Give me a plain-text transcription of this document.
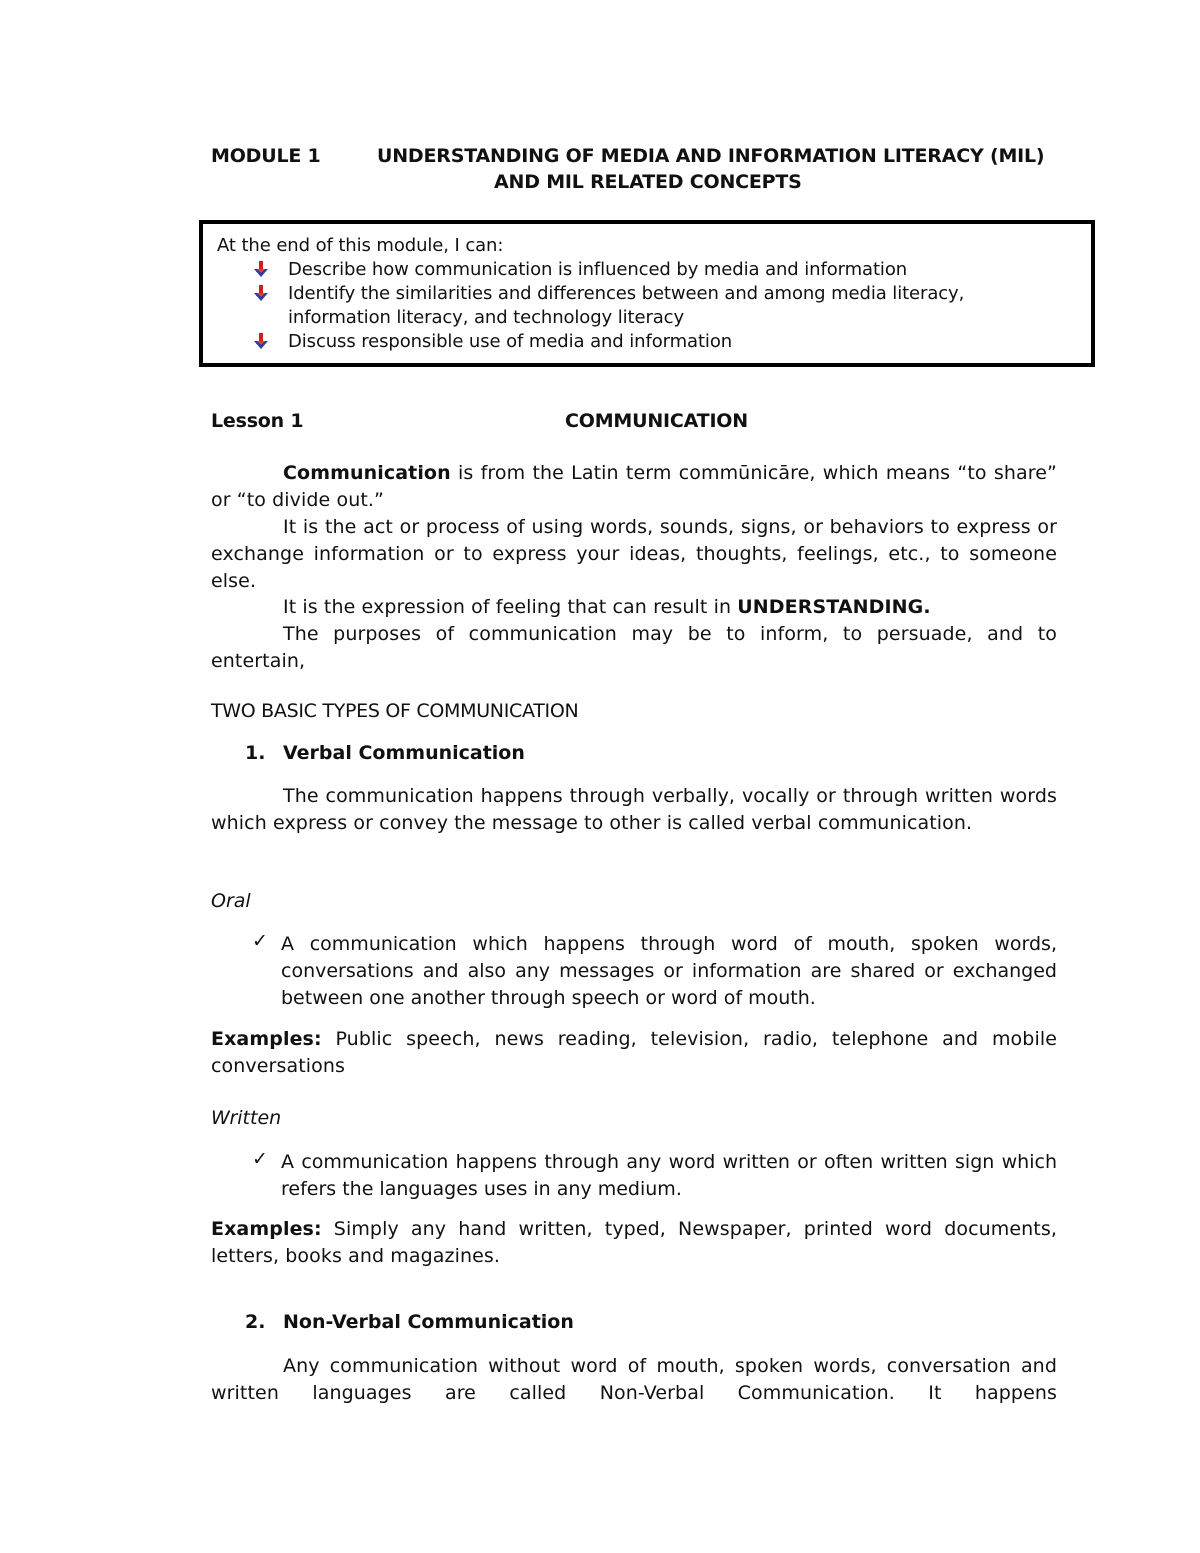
MODULE 1	UNDERSTANDING OF MEDIA AND INFORMATION LITERACY (MIL)
AND MIL RELATED CONCEPTS
At the end of this module, I can:
Describe how communication is influenced by media and information
Identify the similarities and differences between and among media literacy,
information literacy, and technology literacy
Discuss responsible use of media and information
Lesson 1	COMMUNICATION
Communication is from the Latin term commūnicāre, which means “to share” or “to divide out.”
It is the act or process of using words, sounds, signs, or behaviors to express or exchange information or to express your ideas, thoughts, feelings, etc., to someone else.
It is the expression of feeling that can result in UNDERSTANDING.
The purposes of communication may be to inform, to persuade, and to entertain,
TWO BASIC TYPES OF COMMUNICATION
1. Verbal Communication
The communication happens through verbally, vocally or through written words which express or convey the message to other is called verbal communication.
Oral
✓ A communication which happens through word of mouth, spoken words, conversations and also any messages or information are shared or exchanged between one another through speech or word of mouth.
Examples: Public speech, news reading, television, radio, telephone and mobile conversations
Written
✓ A communication happens through any word written or often written sign which refers the languages uses in any medium.
Examples: Simply any hand written, typed, Newspaper, printed word documents, letters, books and magazines.
2. Non-Verbal Communication
Any communication without word of mouth, spoken words, conversation and written languages are called Non-Verbal Communication. It happens
